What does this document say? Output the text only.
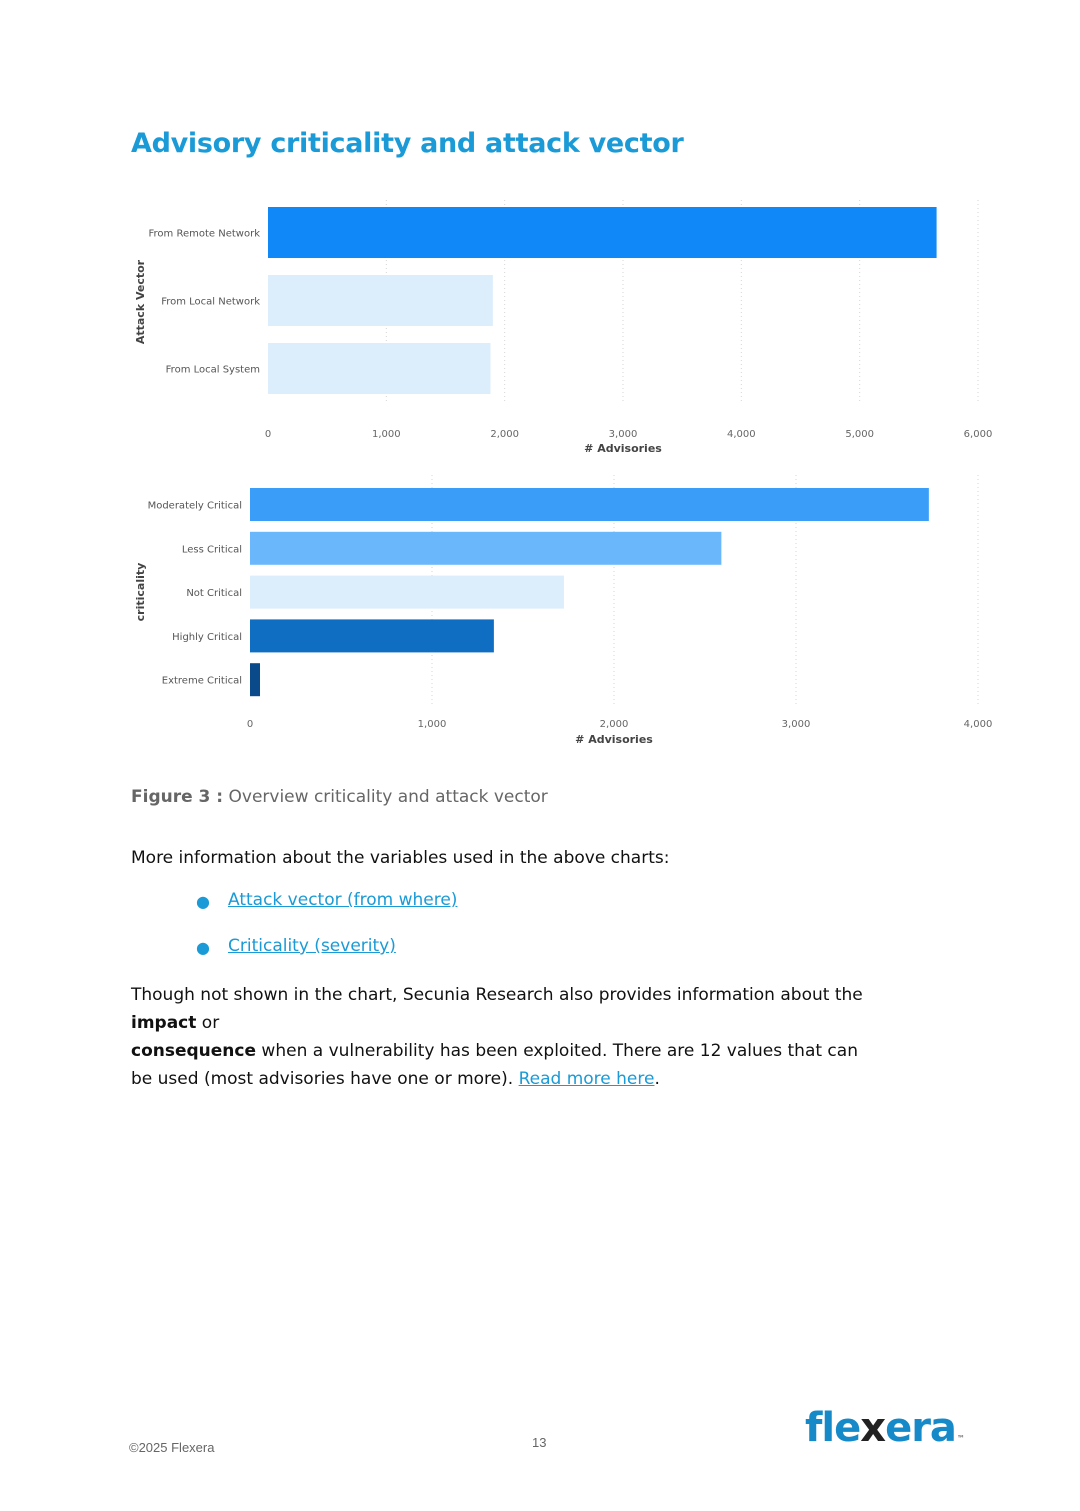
Advisory criticality and attack vector
0	1,000	2,000	3,000	4,000	5,000	6,000
From Remote Network
From Local Network
From Local System
# Advisories
Attack Vector
0	1,000	2,000	3,000	4,000
Moderately Critical
Less Critical
Not Critical
Highly Critical
Extreme Critical
# Advisories
criticality
Figure 3 : Overview criticality and attack vector
More information about the variables used in the above charts:
● Attack vector (from where)
● Criticality (severity)

Though not shown in the chart, Secunia Research also provides information about the impact or
consequence when a vulnerability has been exploited. There are 12 values that can
be used (most advisories have one or more). Read more here.

©2025 Flexera	13	flexera™
